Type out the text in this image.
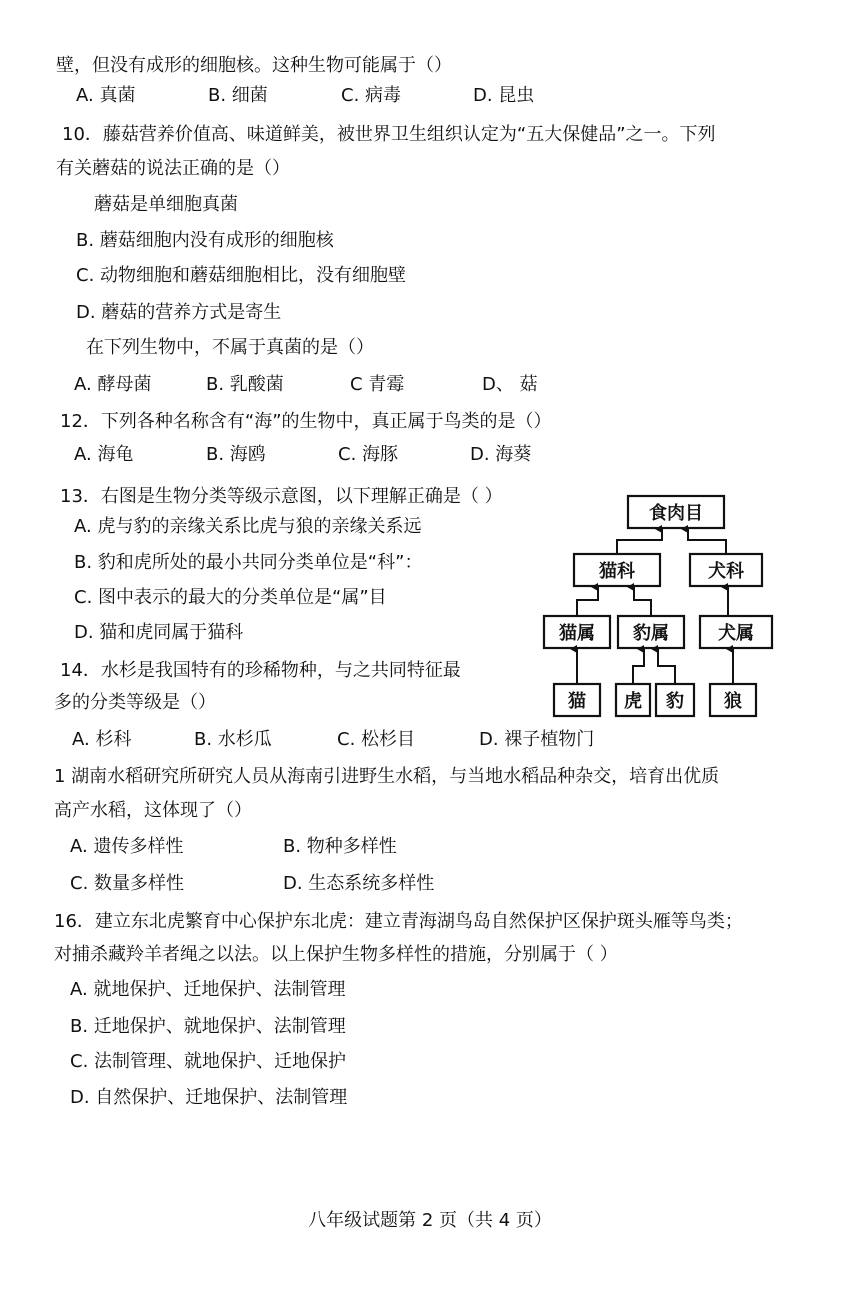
壁，但没有成形的细胞核。这种生物可能属于（）
A. 真菌	B. 细菌	C. 病毒	D. 昆虫
10．藤菇营养价值高、味道鲜美，被世界卫生组织认定为“五大保健品”之一。下列
有关蘑菇的说法正确的是（）
蘑菇是单细胞真菌
B. 蘑菇细胞内没有成形的细胞核
C. 动物细胞和蘑菇细胞相比，没有细胞壁
D. 蘑菇的营养方式是寄生
在下列生物中，不属于真菌的是（）
A. 酵母菌	B. 乳酸菌	C 青霉	D、 菇
12．下列各种名称含有“海”的生物中，真正属于鸟类的是（）
A. 海龟	B. 海鸥	C. 海豚	D. 海葵
13．右图是生物分类等级示意图，以下理解正确是（ ）
A. 虎与豹的亲缘关系比虎与狼的亲缘关系远
B. 豹和虎所处的最小共同分类单位是“科”：
C. 图中表示的最大的分类单位是“属”目
D. 猫和虎同属于猫科
食肉目
猫科	犬科
猫属 豹属	犬属
猫 虎 豹 狼
14．水杉是我国特有的珍稀物种，与之共同特征最
多的分类等级是（）
A. 杉科	B. 水杉瓜	C. 松杉目	D. 裸子植物门
1 湖南水稻研究所研究人员从海南引进野生水稻，与当地水稻品种杂交，培育出优质
高产水稻，这体现了（）
A. 遗传多样性	B. 物种多样性
C. 数量多样性	D. 生态系统多样性
16．建立东北虎繁育中心保护东北虎：建立青海湖鸟岛自然保护区保护斑头雁等鸟类；
对捕杀藏羚羊者绳之以法。以上保护生物多样性的措施，分别属于（ ）
A. 就地保护、迁地保护、法制管理
B. 迁地保护、就地保护、法制管理
C. 法制管理、就地保护、迁地保护
D. 自然保护、迁地保护、法制管理
八年级试题第 2 页（共 4 页）
